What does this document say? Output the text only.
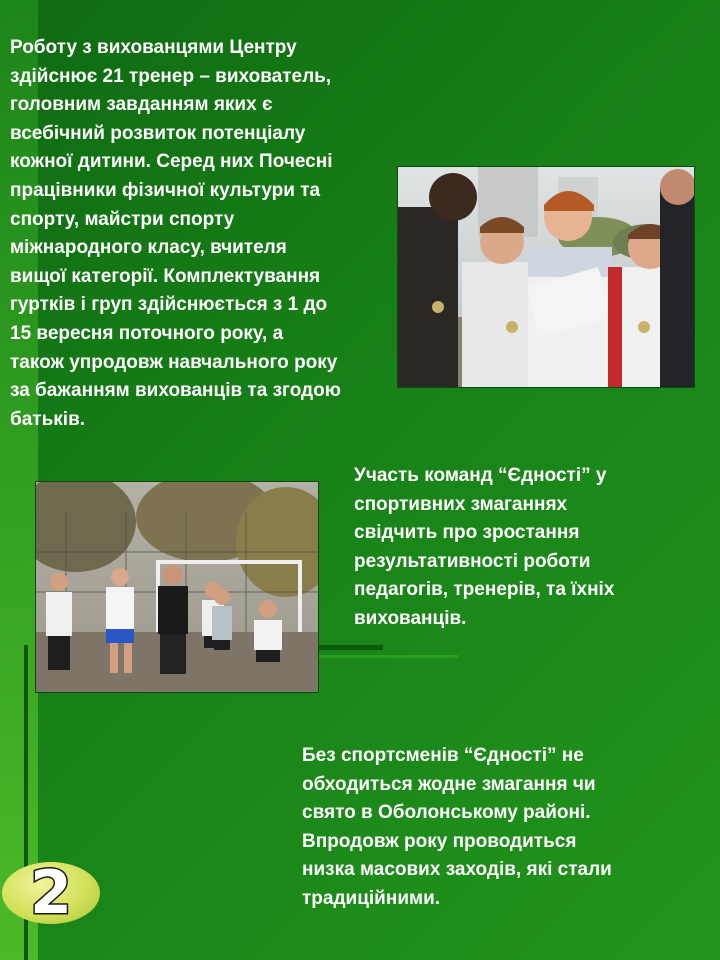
Роботу з вихованцями Центру
здійснює 21 тренер – вихователь,
головним завданням яких є
всебічний розвиток потенціалу
кожної дитини. Серед них Почесні
працівники фізичної культури та
спорту, майстри спорту
міжнародного класу, вчителя
вищої категорії. Комплектування
гуртків і груп здійснюється з 1 до
15 вересня поточного року, а
також упродовж навчального року
за бажанням вихованців та згодою
батьків.

Участь команд “Єдності” у
спортивних змаганнях
свідчить про зростання
результативності роботи
педагогів, тренерів, та їхніх
вихованців.

Без спортсменів “Єдності” не
обходиться жодне змагання чи
свято в Оболонському районі.
Впродовж року проводиться
низка масових заходів, які стали
традиційними.

2
